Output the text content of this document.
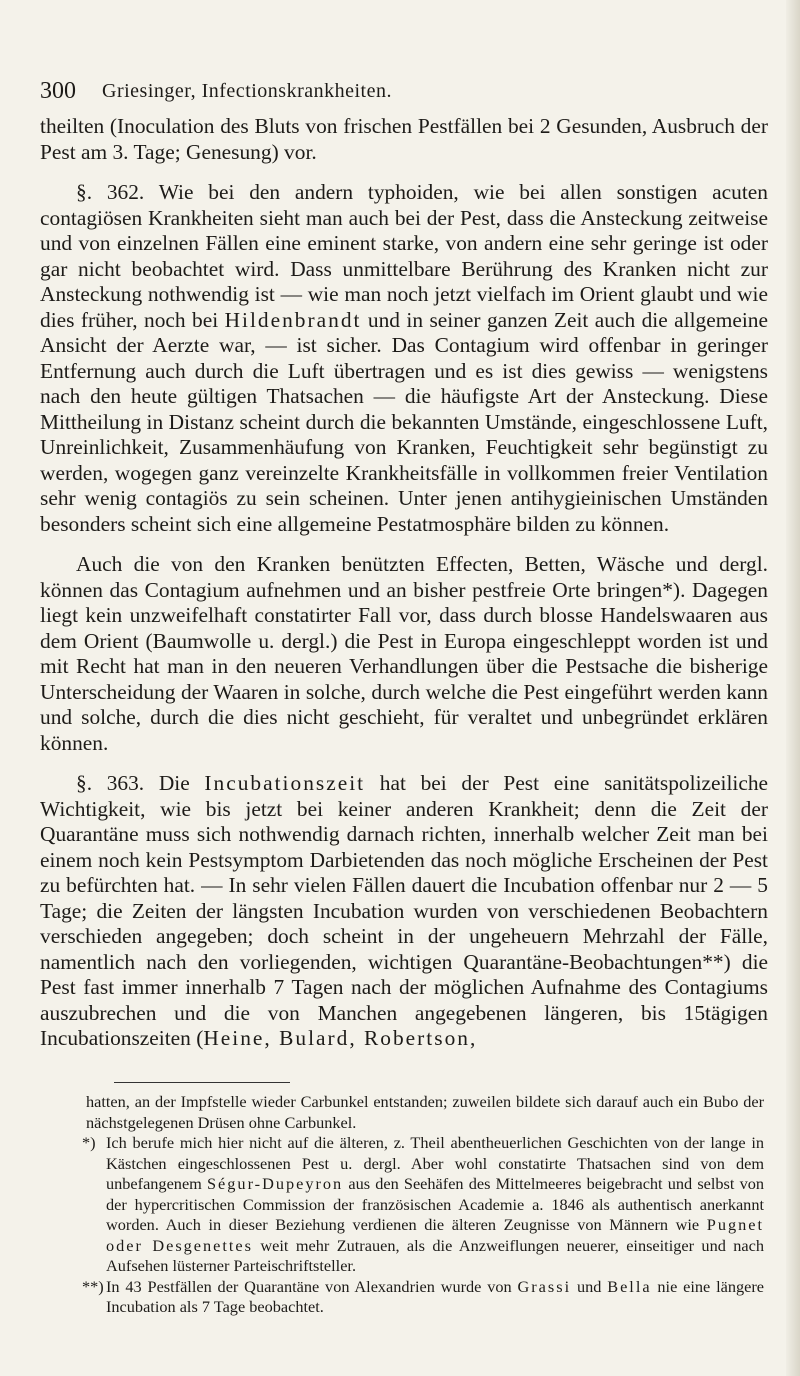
300 Griesinger, Infectionskrankheiten.

theilten (Inoculation des Bluts von frischen Pestfällen bei 2 Gesunden, Ausbruch der Pest am 3. Tage; Genesung) vor.

§. 362. Wie bei den andern typhoiden, wie bei allen sonstigen acuten contagiösen Krankheiten sieht man auch bei der Pest, dass die Ansteckung zeitweise und von einzelnen Fällen eine eminent starke, von andern eine sehr geringe ist oder gar nicht beobachtet wird. Dass unmittelbare Berührung des Kranken nicht zur Ansteckung nothwendig ist — wie man noch jetzt vielfach im Orient glaubt und wie dies früher, noch bei Hildenbrandt und in seiner ganzen Zeit auch die allgemeine Ansicht der Aerzte war, — ist sicher. Das Contagium wird offenbar in geringer Entfernung auch durch die Luft übertragen und es ist dies gewiss — wenigstens nach den heute gültigen Thatsachen — die häufigste Art der Ansteckung. Diese Mittheilung in Distanz scheint durch die bekannten Umstände, eingeschlossene Luft, Unreinlichkeit, Zusammenhäufung von Kranken, Feuchtigkeit sehr begünstigt zu werden, wogegen ganz vereinzelte Krankheitsfälle in vollkommen freier Ventilation sehr wenig contagiös zu sein scheinen. Unter jenen antihygieinischen Umständen besonders scheint sich eine allgemeine Pestatmosphäre bilden zu können.

Auch die von den Kranken benützten Effecten, Betten, Wäsche und dergl. können das Contagium aufnehmen und an bisher pestfreie Orte bringen*). Dagegen liegt kein unzweifelhaft constatirter Fall vor, dass durch blosse Handelswaaren aus dem Orient (Baumwolle u. dergl.) die Pest in Europa eingeschleppt worden ist und mit Recht hat man in den neueren Verhandlungen über die Pestsache die bisherige Unterscheidung der Waaren in solche, durch welche die Pest eingeführt werden kann und solche, durch die dies nicht geschieht, für veraltet und unbegründet erklären können.

§. 363. Die Incubationszeit hat bei der Pest eine sanitätspolizeiliche Wichtigkeit, wie bis jetzt bei keiner anderen Krankheit; denn die Zeit der Quarantäne muss sich nothwendig darnach richten, innerhalb welcher Zeit man bei einem noch kein Pestsymptom Darbietenden das noch mögliche Erscheinen der Pest zu befürchten hat. — In sehr vielen Fällen dauert die Incubation offenbar nur 2 — 5 Tage; die Zeiten der längsten Incubation wurden von verschiedenen Beobachtern verschieden angegeben; doch scheint in der ungeheuern Mehrzahl der Fälle, namentlich nach den vorliegenden, wichtigen Quarantäne-Beobachtungen**) die Pest fast immer innerhalb 7 Tagen nach der möglichen Aufnahme des Contagiums auszubrechen und die von Manchen angegebenen längeren, bis 15tägigen Incubationszeiten (Heine, Bulard, Robertson,

hatten, an der Impfstelle wieder Carbunkel entstanden; zuweilen bildete sich darauf auch ein Bubo der nächstgelegenen Drüsen ohne Carbunkel.

*) Ich berufe mich hier nicht auf die älteren, z. Theil abentheuerlichen Geschichten von der lange in Kästchen eingeschlossenen Pest u. dergl. Aber wohl constatirte Thatsachen sind von dem unbefangenem Ségur-Dupeyron aus den Seehäfen des Mittelmeeres beigebracht und selbst von der hypercritischen Commission der französischen Academie a. 1846 als authentisch anerkannt worden. Auch in dieser Beziehung verdienen die älteren Zeugnisse von Männern wie Pugnet oder Desgenettes weit mehr Zutrauen, als die Anzweiflungen neuerer, einseitiger und nach Aufsehen lüsterner Parteischriftsteller.

**) In 43 Pestfällen der Quarantäne von Alexandrien wurde von Grassi und Bella nie eine längere Incubation als 7 Tage beobachtet.
